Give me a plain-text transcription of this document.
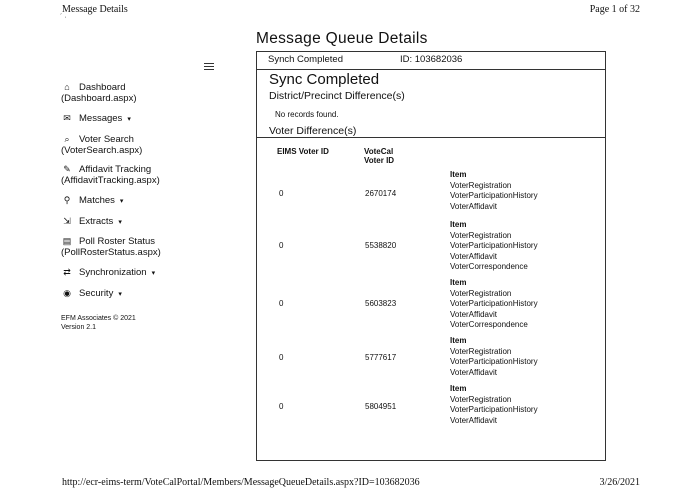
Message Details	Page 1 of 32
´ ·
Message Queue Details
⌂ Dashboard
(Dashboard.aspx)
✉ Messages ▾
⌕ Voter Search
(VoterSearch.aspx)
✎ Affidavit Tracking
(AffidavitTracking.aspx)
⚲ Matches ▾
⇲ Extracts ▾
▤ Poll Roster Status
(PollRosterStatus.aspx)
⇄ Synchronization ▾
◉ Security ▾
EFM Associates © 2021
Version 2.1
Synch Completed	ID: 103682036
Sync Completed
District/Precinct Difference(s)
No records found.
Voter Difference(s)
EIMS Voter ID	VoteCal Voter ID
0	2670174
Item
VoterRegistration
VoterParticipationHistory
VoterAffidavit
0	5538820
Item
VoterRegistration
VoterParticipationHistory
VoterAffidavit
VoterCorrespondence
0	5603823
Item
VoterRegistration
VoterParticipationHistory
VoterAffidavit
VoterCorrespondence
0	5777617
Item
VoterRegistration
VoterParticipationHistory
VoterAffidavit
0	5804951
Item
VoterRegistration
VoterParticipationHistory
VoterAffidavit
http://ecr-eims-term/VoteCalPortal/Members/MessageQueueDetails.aspx?ID=103682036	3/26/2021
